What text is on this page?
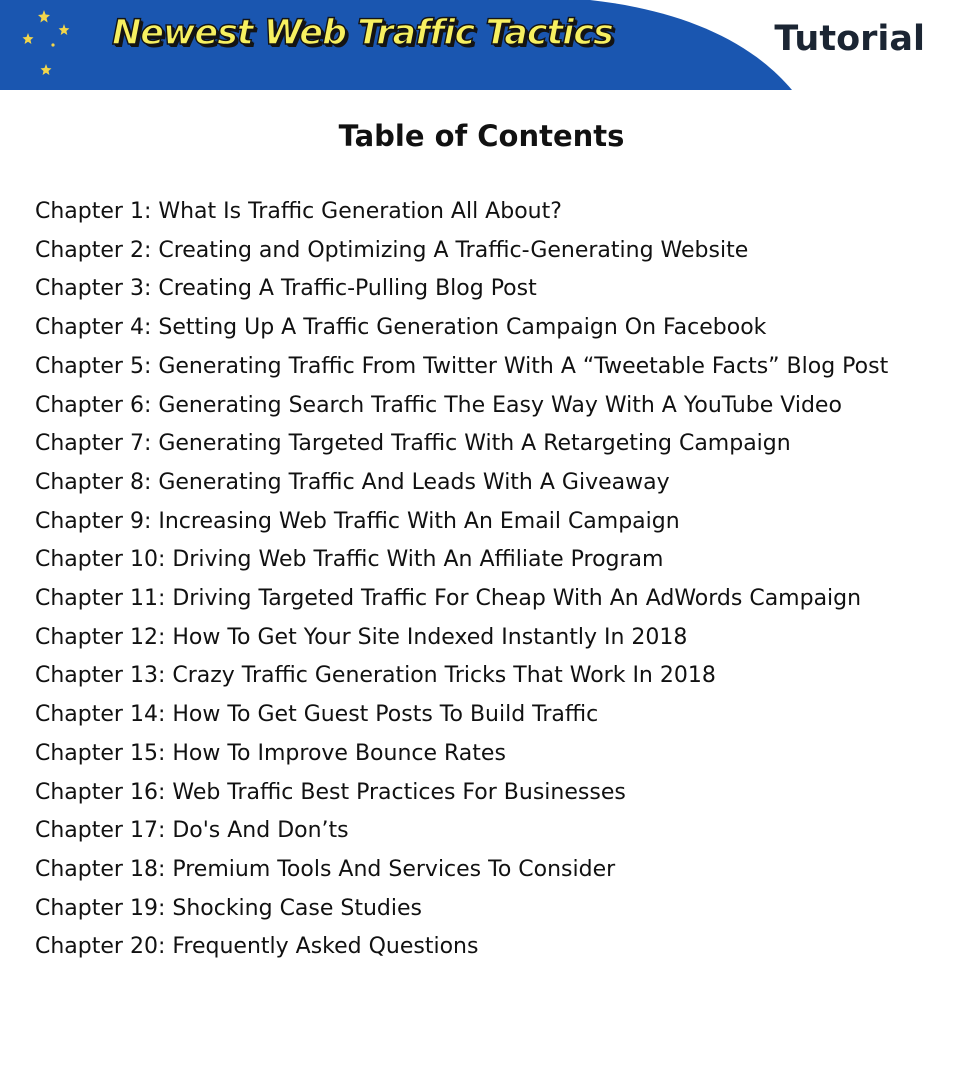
Newest Web Traffic Tactics	Tutorial
Table of Contents
Chapter 1: What Is Traffic Generation All About?
Chapter 2: Creating and Optimizing A Traffic-Generating Website
Chapter 3: Creating A Traffic-Pulling Blog Post
Chapter 4: Setting Up A Traffic Generation Campaign On Facebook
Chapter 5: Generating Traffic From Twitter With A “Tweetable Facts” Blog Post
Chapter 6: Generating Search Traffic The Easy Way With A YouTube Video
Chapter 7: Generating Targeted Traffic With A Retargeting Campaign
Chapter 8: Generating Traffic And Leads With A Giveaway
Chapter 9: Increasing Web Traffic With An Email Campaign
Chapter 10: Driving Web Traffic With An Affiliate Program
Chapter 11: Driving Targeted Traffic For Cheap With An AdWords Campaign
Chapter 12: How To Get Your Site Indexed Instantly In 2018
Chapter 13: Crazy Traffic Generation Tricks That Work In 2018
Chapter 14: How To Get Guest Posts To Build Traffic
Chapter 15: How To Improve Bounce Rates
Chapter 16: Web Traffic Best Practices For Businesses
Chapter 17: Do's And Don’ts
Chapter 18: Premium Tools And Services To Consider
Chapter 19: Shocking Case Studies
Chapter 20: Frequently Asked Questions
